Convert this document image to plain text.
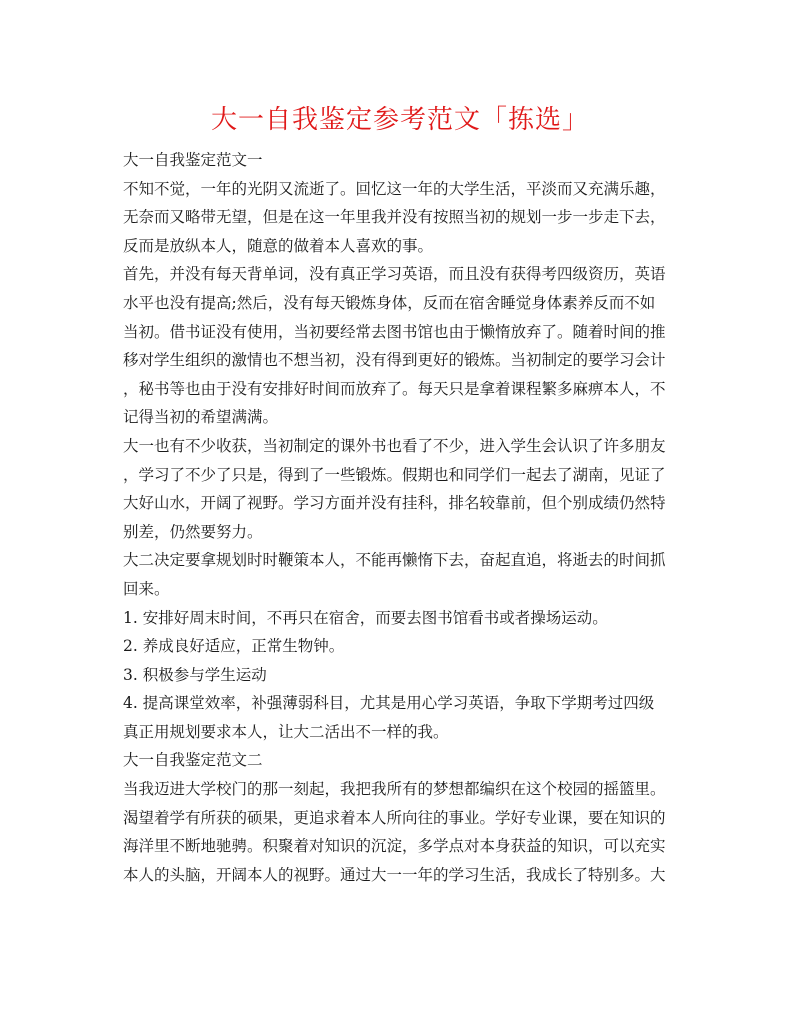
大一自我鉴定参考范文「拣选」
大一自我鉴定范文一
不知不觉，一年的光阴又流逝了。回忆这一年的大学生活，平淡而又充满乐趣，
无奈而又略带无望，但是在这一年里我并没有按照当初的规划一步一步走下去，
反而是放纵本人，随意的做着本人喜欢的事。
首先，并没有每天背单词，没有真正学习英语，而且没有获得考四级资历，英语
水平也没有提高;然后，没有每天锻炼身体，反而在宿舍睡觉身体素养反而不如
当初。借书证没有使用，当初要经常去图书馆也由于懒惰放弃了。随着时间的推
移对学生组织的激情也不想当初，没有得到更好的锻炼。当初制定的要学习会计
，秘书等也由于没有安排好时间而放弃了。每天只是拿着课程繁多麻痹本人，不
记得当初的希望满满。
大一也有不少收获，当初制定的课外书也看了不少，进入学生会认识了许多朋友
，学习了不少了只是，得到了一些锻炼。假期也和同学们一起去了湖南，见证了
大好山水，开阔了视野。学习方面并没有挂科，排名较靠前，但个别成绩仍然特
别差，仍然要努力。
大二决定要拿规划时时鞭策本人，不能再懒惰下去，奋起直追，将逝去的时间抓
回来。
1. 安排好周末时间，不再只在宿舍，而要去图书馆看书或者操场运动。
2. 养成良好适应，正常生物钟。
3. 积极参与学生运动
4. 提高课堂效率，补强薄弱科目，尤其是用心学习英语，争取下学期考过四级
真正用规划要求本人，让大二活出不一样的我。
大一自我鉴定范文二
当我迈进大学校门的那一刻起，我把我所有的梦想都编织在这个校园的摇篮里。
渴望着学有所获的硕果，更追求着本人所向往的事业。学好专业课，要在知识的
海洋里不断地驰骋。积聚着对知识的沉淀，多学点对本身获益的知识，可以充实
本人的头脑，开阔本人的视野。通过大一一年的学习生活，我成长了特别多。大
